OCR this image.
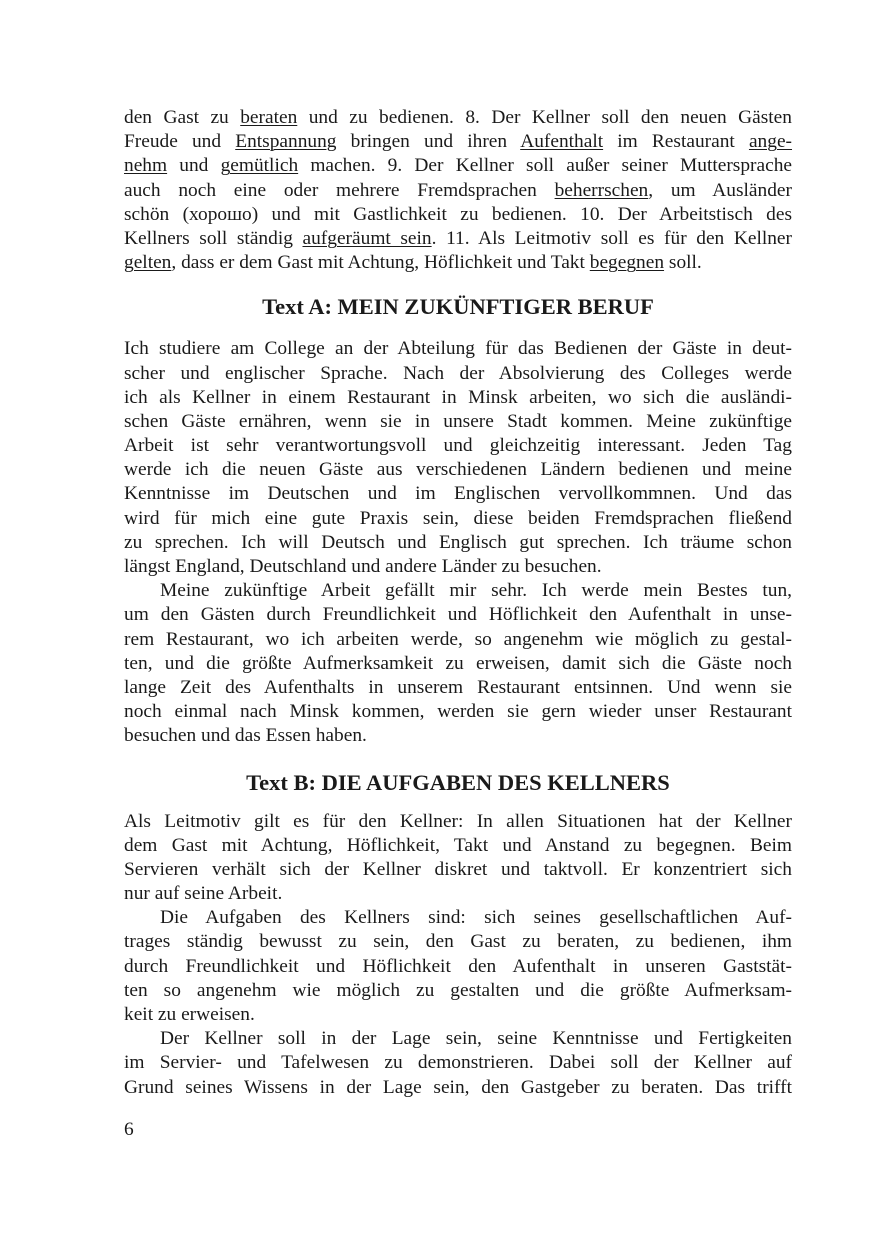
den Gast zu beraten und zu bedienen. 8. Der Kellner soll den neuen Gästen
Freude und Entspannung bringen und ihren Aufenthalt im Restaurant ange-
nehm und gemütlich machen. 9. Der Kellner soll außer seiner Muttersprache
auch noch eine oder mehrere Fremdsprachen beherrschen, um Ausländer
schön (хорошо) und mit Gastlichkeit zu bedienen. 10. Der Arbeitstisch des
Kellners soll ständig aufgeräumt sein. 11. Als Leitmotiv soll es für den Kellner
gelten, dass er dem Gast mit Achtung, Höflichkeit und Takt begegnen soll.
Text A: MEIN ZUKÜNFTIGER BERUF
Ich studiere am College an der Abteilung für das Bedienen der Gäste in deut-
scher und englischer Sprache. Nach der Absolvierung des Colleges werde
ich als Kellner in einem Restaurant in Minsk arbeiten, wo sich die ausländi-
schen Gäste ernähren, wenn sie in unsere Stadt kommen. Meine zukünftige
Arbeit ist sehr verantwortungsvoll und gleichzeitig interessant. Jeden Tag
werde ich die neuen Gäste aus verschiedenen Ländern bedienen und meine
Kenntnisse im Deutschen und im Englischen vervollkommnen. Und das
wird für mich eine gute Praxis sein, diese beiden Fremdsprachen fließend
zu sprechen. Ich will Deutsch und Englisch gut sprechen. Ich träume schon
längst England, Deutschland und andere Länder zu besuchen.
Meine zukünftige Arbeit gefällt mir sehr. Ich werde mein Bestes tun,
um den Gästen durch Freundlichkeit und Höflichkeit den Aufenthalt in unse-
rem Restaurant, wo ich arbeiten werde, so angenehm wie möglich zu gestal-
ten, und die größte Aufmerksamkeit zu erweisen, damit sich die Gäste noch
lange Zeit des Aufenthalts in unserem Restaurant entsinnen. Und wenn sie
noch einmal nach Minsk kommen, werden sie gern wieder unser Restaurant
besuchen und das Essen haben.
Text B: DIE AUFGABEN DES KELLNERS
Als Leitmotiv gilt es für den Kellner: In allen Situationen hat der Kellner
dem Gast mit Achtung, Höflichkeit, Takt und Anstand zu begegnen. Beim
Servieren verhält sich der Kellner diskret und taktvoll. Er konzentriert sich
nur auf seine Arbeit.
Die Aufgaben des Kellners sind: sich seines gesellschaftlichen Auf-
trages ständig bewusst zu sein, den Gast zu beraten, zu bedienen, ihm
durch Freundlichkeit und Höflichkeit den Aufenthalt in unseren Gaststät-
ten so angenehm wie möglich zu gestalten und die größte Aufmerksam-
keit zu erweisen.
Der Kellner soll in der Lage sein, seine Kenntnisse und Fertigkeiten
im Servier- und Tafelwesen zu demonstrieren. Dabei soll der Kellner auf
Grund seines Wissens in der Lage sein, den Gastgeber zu beraten. Das trifft
6
